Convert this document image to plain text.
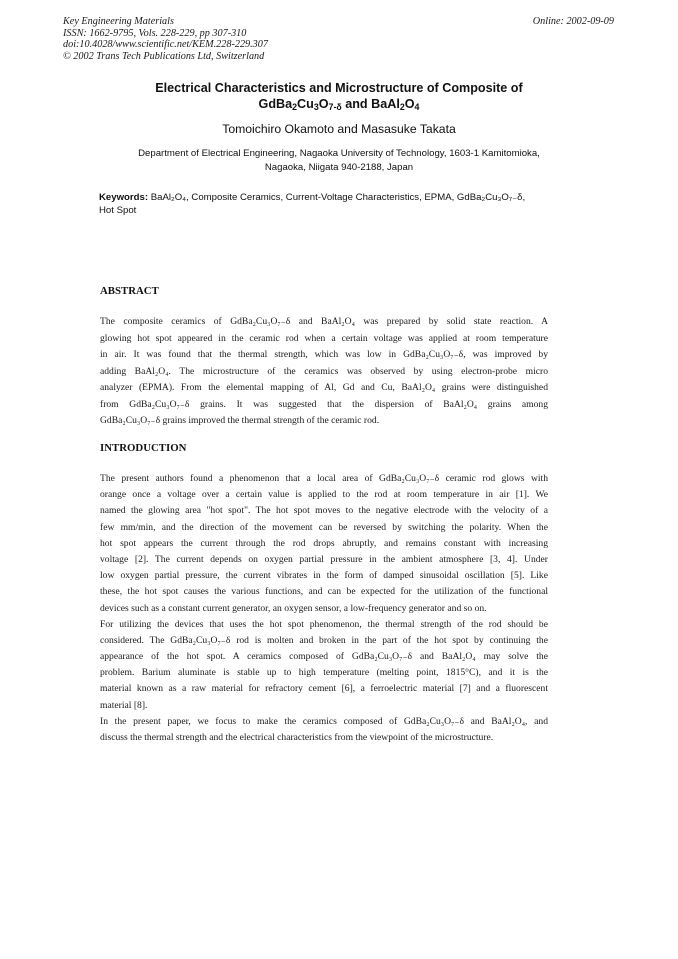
Key Engineering Materials
ISSN: 1662-9795, Vols. 228-229, pp 307-310
doi:10.4028/www.scientific.net/KEM.228-229.307
© 2002 Trans Tech Publications Ltd, Switzerland
Online: 2002-09-09
Electrical Characteristics and Microstructure of Composite of
$GdBa_2Cu_3O_{7-\delta}$ and $BaAl_2O_4$
Tomoichiro Okamoto and Masasuke Takata
Department of Electrical Engineering, Nagaoka University of Technology, 1603-1 Kamitomioka,
Nagaoka, Niigata 940-2188, Japan
Keywords: BaAl₂O₄, Composite Ceramics, Current-Voltage Characteristics, EPMA, GdBa₂Cu₃O₇₋δ,
Hot Spot
ABSTRACT
The composite ceramics of GdBa₂Cu₃O₇₋δ and BaAl₂O₄ was prepared by solid state reaction. A
glowing hot spot appeared in the ceramic rod when a certain voltage was applied at room temperature
in air. It was found that the thermal strength, which was low in GdBa₂Cu₃O₇₋δ, was improved by
adding BaAl₂O₄. The microstructure of the ceramics was observed by using electron-probe micro
analyzer (EPMA). From the elemental mapping of Al, Gd and Cu, BaAl₂O₄ grains were distinguished
from GdBa₂Cu₃O₇₋δ grains. It was suggested that the dispersion of BaAl₂O₄ grains among
GdBa₂Cu₃O₇₋δ grains improved the thermal strength of the ceramic rod.
INTRODUCTION
The present authors found a phenomenon that a local area of GdBa₂Cu₃O₇₋δ ceramic rod glows with
orange once a voltage over a certain value is applied to the rod at room temperature in air [1]. We
named the glowing area "hot spot". The hot spot moves to the negative electrode with the velocity of a
few mm/min, and the direction of the movement can be reversed by switching the polarity. When the
hot spot appears the current through the rod drops abruptly, and remains constant with increasing
voltage [2]. The current depends on oxygen partial pressure in the ambient atmosphere [3, 4]. Under
low oxygen partial pressure, the current vibrates in the form of damped sinusoidal oscillation [5]. Like
these, the hot spot causes the various functions, and can be expected for the utilization of the functional
devices such as a constant current generator, an oxygen sensor, a low-frequency generator and so on.
For utilizing the devices that uses the hot spot phenomenon, the thermal strength of the rod should be
considered. The GdBa₂Cu₃O₇₋δ rod is molten and broken in the part of the hot spot by continuing the
appearance of the hot spot. A ceramics composed of GdBa₂Cu₃O₇₋δ and BaAl₂O₄ may solve the
problem. Barium aluminate is stable up to high temperature (melting point, 1815°C), and it is the
material known as a raw material for refractory cement [6], a ferroelectric material [7] and a fluorescent
material [8].
In the present paper, we focus to make the ceramics composed of GdBa₂Cu₃O₇₋δ and BaAl₂O₄, and
discuss the thermal strength and the electrical characteristics from the viewpoint of the microstructure.
